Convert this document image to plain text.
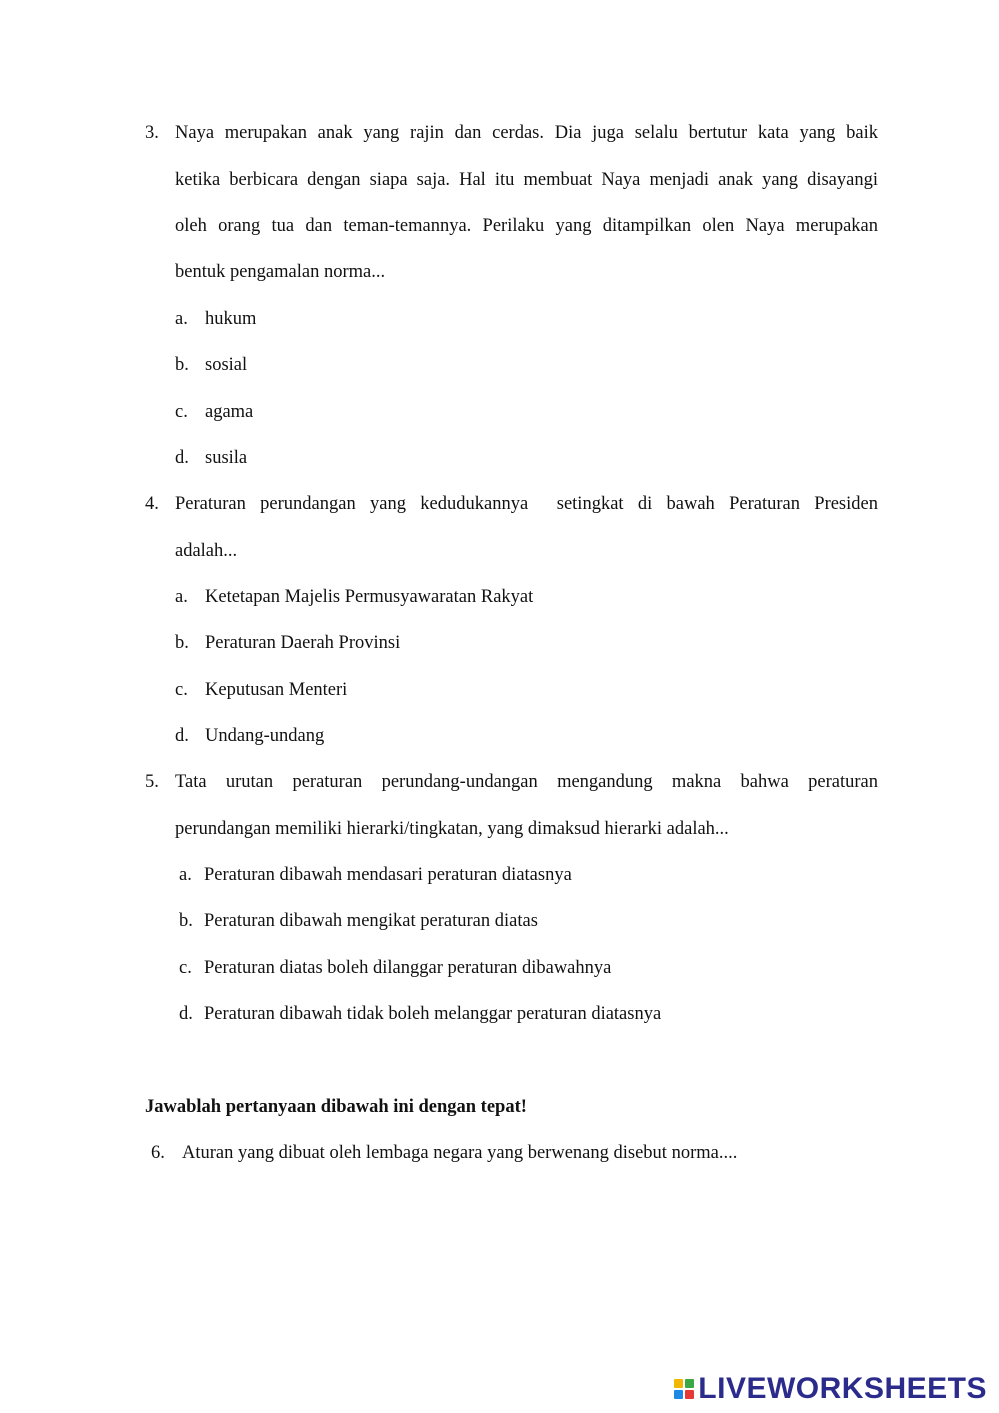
3. Naya merupakan anak yang rajin dan cerdas. Dia juga selalu bertutur kata yang baik
ketika berbicara dengan siapa saja. Hal itu membuat Naya menjadi anak yang disayangi
oleh orang tua dan teman-temannya. Perilaku yang ditampilkan olen Naya merupakan
bentuk pengamalan norma...
a. hukum
b. sosial
c. agama
d. susila
4. Peraturan perundangan yang kedudukannya  setingkat di bawah Peraturan Presiden
adalah...
a. Ketetapan Majelis Permusyawaratan Rakyat
b. Peraturan Daerah Provinsi
c. Keputusan Menteri
d. Undang-undang
5. Tata urutan peraturan perundang-undangan mengandung makna bahwa peraturan
perundangan memiliki hierarki/tingkatan, yang dimaksud hierarki adalah...
a. Peraturan dibawah mendasari peraturan diatasnya
b. Peraturan dibawah mengikat peraturan diatas
c. Peraturan diatas boleh dilanggar peraturan dibawahnya
d. Peraturan dibawah tidak boleh melanggar peraturan diatasnya
Jawablah pertanyaan dibawah ini dengan tepat!
6. Aturan yang dibuat oleh lembaga negara yang berwenang disebut norma....
LIVEWORKSHEETS
